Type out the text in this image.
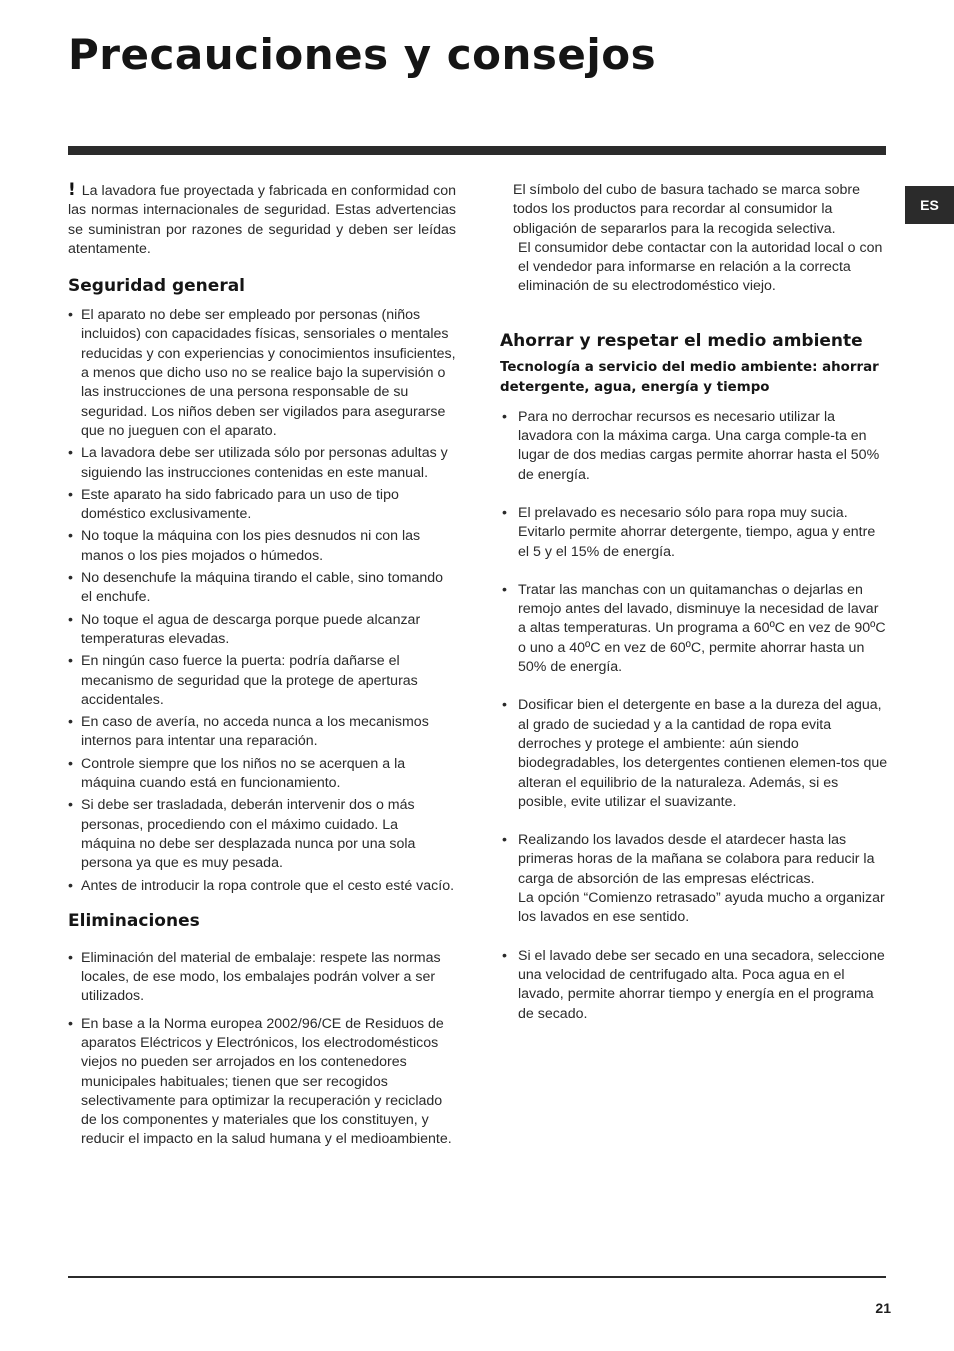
Precauciones y consejos
ES

! La lavadora fue proyectada y fabricada en conformidad con las normas internacionales de seguridad. Estas advertencias se suministran por razones de seguridad y deben ser leídas atentamente.

Seguridad general
• El aparato no debe ser empleado por personas (niños incluidos) con capacidades físicas, sensoriales o mentales reducidas y con experiencias y conocimientos insuficientes, a menos que dicho uso no se realice bajo la supervisión o las instrucciones de una persona responsable de su seguridad. Los niños deben ser vigilados para asegurarse que no jueguen con el aparato.
• La lavadora debe ser utilizada sólo por personas adultas y siguiendo las instrucciones contenidas en este manual.
• Este aparato ha sido fabricado para un uso de tipo doméstico exclusivamente.
• No toque la máquina con los pies desnudos ni con las manos o los pies mojados o húmedos.
• No desenchufe la máquina tirando el cable, sino tomando el enchufe.
• No toque el agua de descarga porque puede alcanzar temperaturas elevadas.
• En ningún caso fuerce la puerta: podría dañarse el mecanismo de seguridad que la protege de aperturas accidentales.
• En caso de avería, no acceda nunca a los mecanismos internos para intentar una reparación.
• Controle siempre que los niños no se acerquen a la máquina cuando está en funcionamiento.
• Si debe ser trasladada, deberán intervenir dos o más personas, procediendo con el máximo cuidado. La máquina no debe ser desplazada nunca por una sola persona ya que es muy pesada.
• Antes de introducir la ropa controle que el cesto esté vacío.
Eliminaciones
• Eliminación del material de embalaje: respete las normas locales, de ese modo, los embalajes podrán volver a ser utilizados.
• En base a la Norma europea 2002/96/CE de Residuos de aparatos Eléctricos y Electrónicos, los electrodomésticos viejos no pueden ser arrojados en los contenedores municipales habituales; tienen que ser recogidos selectivamente para optimizar la recuperación y reciclado de los componentes y materiales que los constituyen, y reducir el impacto en la salud humana y el medioambiente.

El símbolo del cubo de basura tachado se marca sobre todos los productos para recordar al consumidor la obligación de separarlos para la recogida selectiva.

El consumidor debe contactar con la autoridad local o con el vendedor para informarse en relación a la correcta eliminación de su electrodoméstico viejo.

Ahorrar y respetar el medio ambiente

Tecnología a servicio del medio ambiente: ahorrar detergente, agua, energía y tiempo

• Para no derrochar recursos es necesario utilizar la lavadora con la máxima carga. Una carga comple-ta en lugar de dos medias cargas permite ahorrar hasta el 50% de energía.
• El prelavado es necesario sólo para ropa muy sucia. Evitarlo permite ahorrar detergente, tiempo, agua y entre el 5 y el 15% de energía.
• Tratar las manchas con un quitamanchas o dejarlas en remojo antes del lavado, disminuye la necesidad de lavar a altas temperaturas. Un programa a 60ºC en vez de 90ºC o uno a 40ºC en vez de 60ºC, permite ahorrar hasta un 50% de energía.
• Dosificar bien el detergente en base a la dureza del agua, al grado de suciedad y a la cantidad de ropa evita derroches y protege el ambiente: aún siendo biodegradables, los detergentes contienen elemen-tos que alteran el equilibrio de la naturaleza. Además, si es posible, evite utilizar el suavizante.
• Realizando los lavados desde el atardecer hasta las primeras horas de la mañana se colabora para reducir la carga de absorción de las empresas eléctricas.
La opción “Comienzo retrasado” ayuda mucho a organizar los lavados en ese sentido.
• Si el lavado debe ser secado en una secadora, seleccione una velocidad de centrifugado alta. Poca agua en el lavado, permite ahorrar tiempo y energía en el programa de secado.
21
